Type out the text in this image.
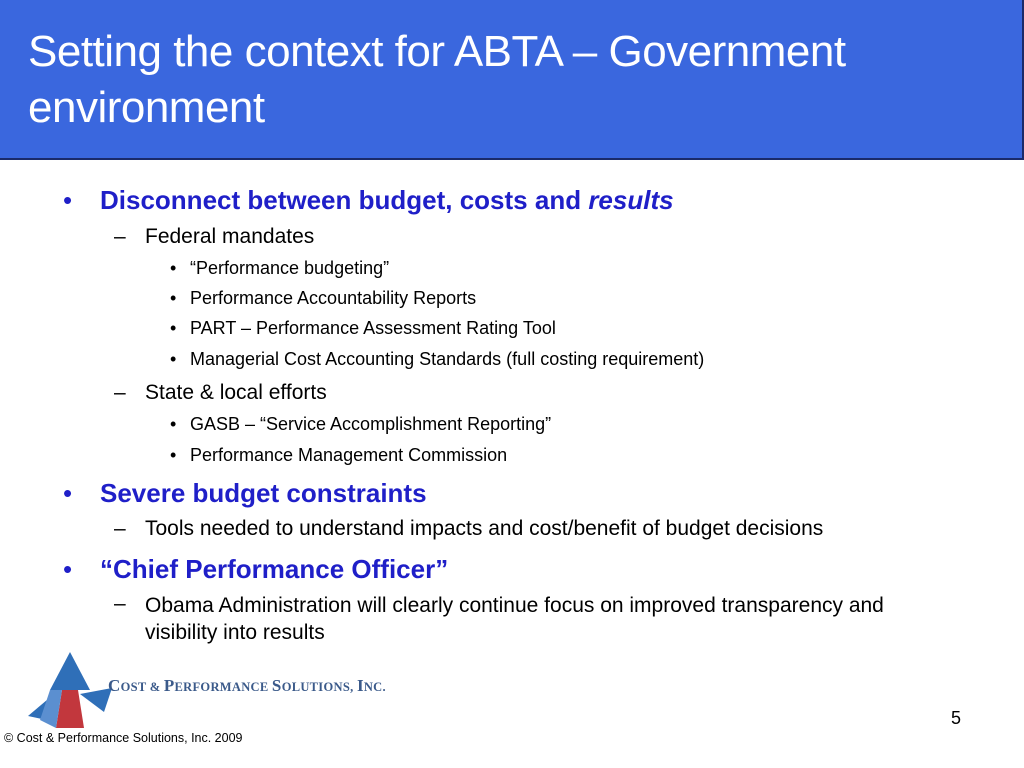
Setting the context for ABTA – Government environment
• Disconnect between budget, costs and results
– Federal mandates
• “Performance budgeting”
• Performance Accountability Reports
• PART – Performance Assessment Rating Tool
• Managerial Cost Accounting Standards (full costing requirement)
– State & local efforts
• GASB – “Service Accomplishment Reporting”
• Performance Management Commission
• Severe budget constraints
– Tools needed to understand impacts and cost/benefit of budget decisions
• “Chief Performance Officer”
– Obama Administration will clearly continue focus on improved transparency and visibility into results
COST & PERFORMANCE SOLUTIONS, INC.
5
© Cost & Performance Solutions, Inc. 2009
